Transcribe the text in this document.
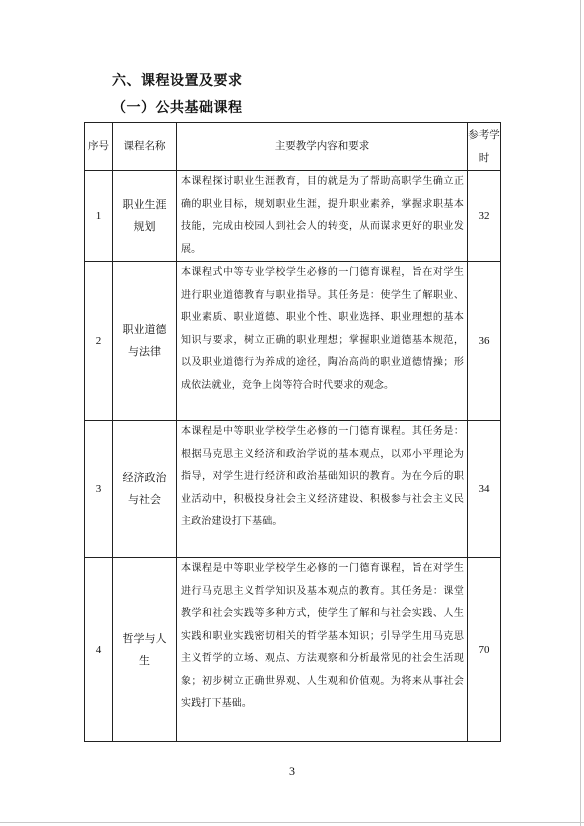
六、课程设置及要求
（一）公共基础课程
序号	课程名称	主要教学内容和要求	参考学时
1	职业生涯规划	本课程探讨职业生涯教育，目的就是为了帮助高职学生确立正确的职业目标，规划职业生涯，提升职业素养，掌握求职基本技能，完成由校园人到社会人的转变，从而谋求更好的职业发展。	32
2	职业道德与法律	本课程式中等专业学校学生必修的一门德育课程，旨在对学生进行职业道德教育与职业指导。其任务是：使学生了解职业、职业素质、职业道德、职业个性、职业选择、职业理想的基本知识与要求，树立正确的职业理想；掌握职业道德基本规范，以及职业道德行为养成的途径，陶冶高尚的职业道德情操；形成依法就业，竞争上岗等符合时代要求的观念。	36
3	经济政治与社会	本课程是中等职业学校学生必修的一门德育课程。其任务是：根据马克思主义经济和政治学说的基本观点，以邓小平理论为指导，对学生进行经济和政治基础知识的教育。为在今后的职业活动中，积极投身社会主义经济建设、积极参与社会主义民主政治建设打下基础。	34
4	哲学与人生	本课程是中等职业学校学生必修的一门德育课程，旨在对学生进行马克思主义哲学知识及基本观点的教育。其任务是：课堂教学和社会实践等多种方式，使学生了解和与社会实践、人生实践和职业实践密切相关的哲学基本知识；引导学生用马克思主义哲学的立场、观点、方法观察和分析最常见的社会生活现象；初步树立正确世界观、人生观和价值观。为将来从事社会实践打下基础。	70
3
